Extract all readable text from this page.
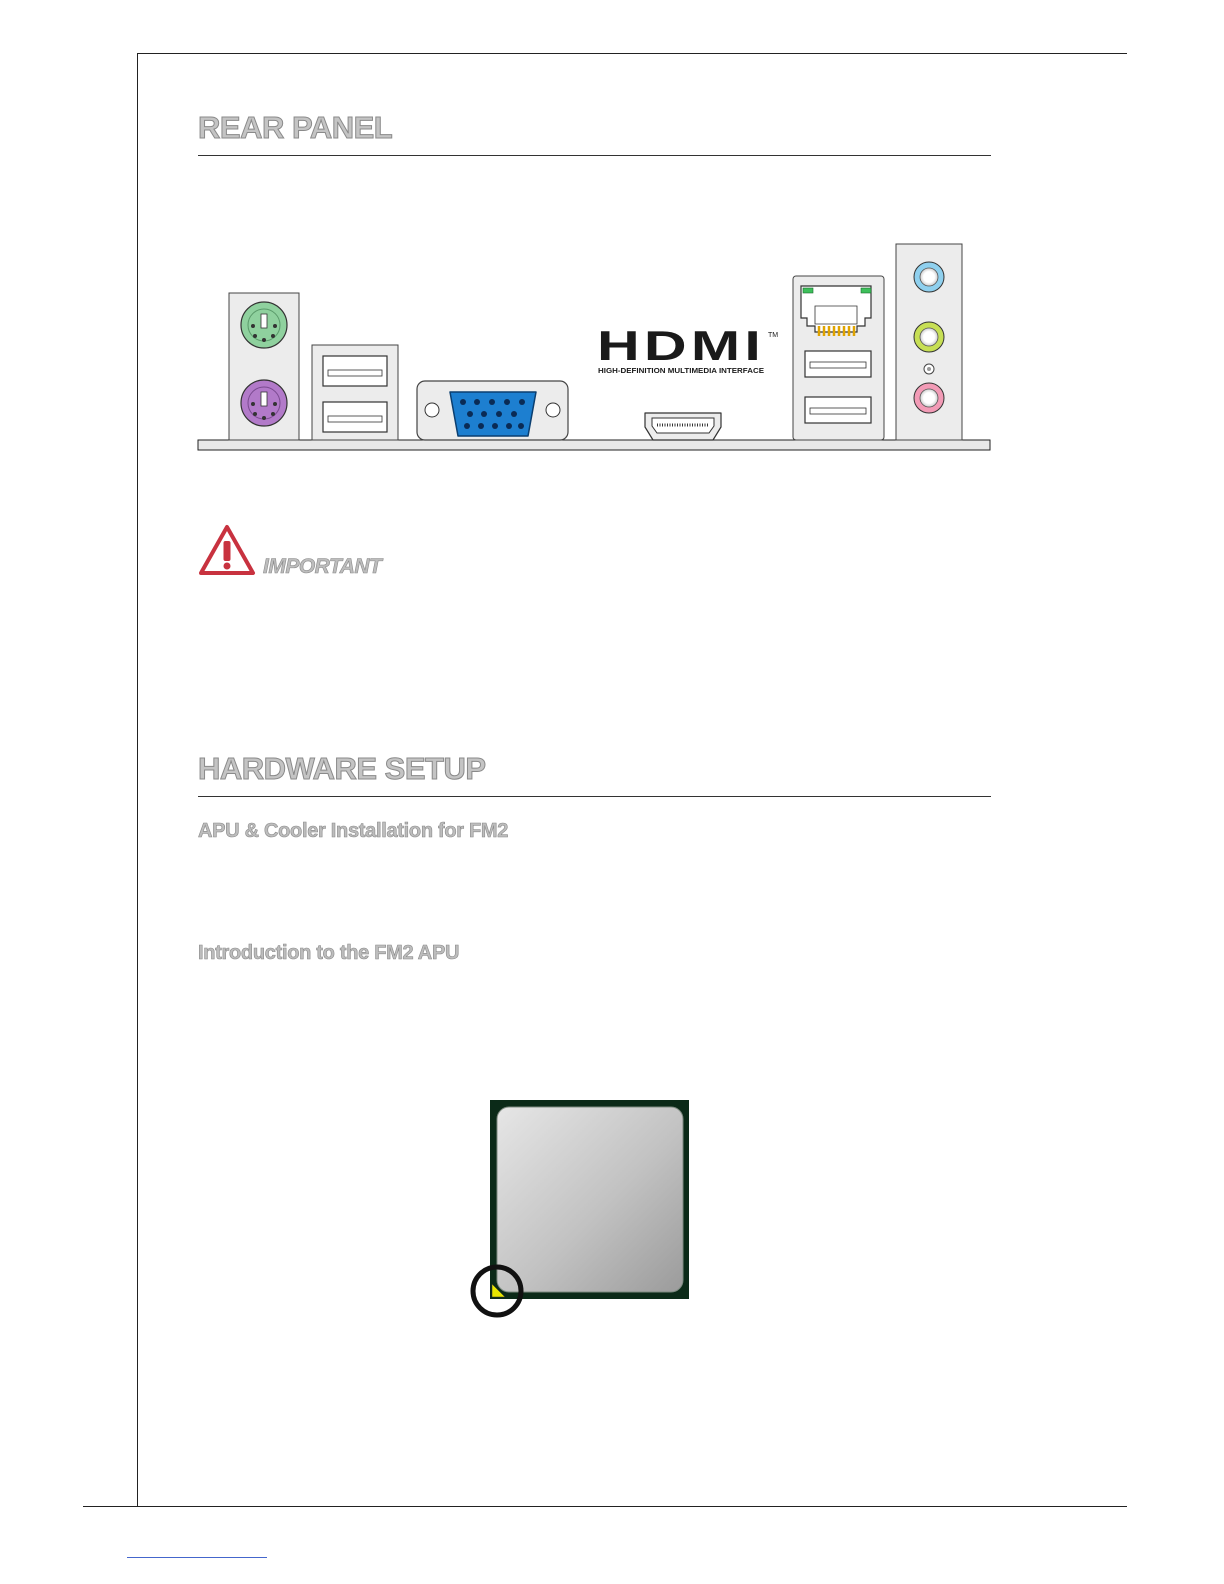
REAR PANEL
HDMI TM
HIGH-DEFINITION MULTIMEDIA INTERFACE

IMPORTANT

HARDWARE SETUP
APU & Cooler Installation for FM2
Introduction to the FM2 APU
